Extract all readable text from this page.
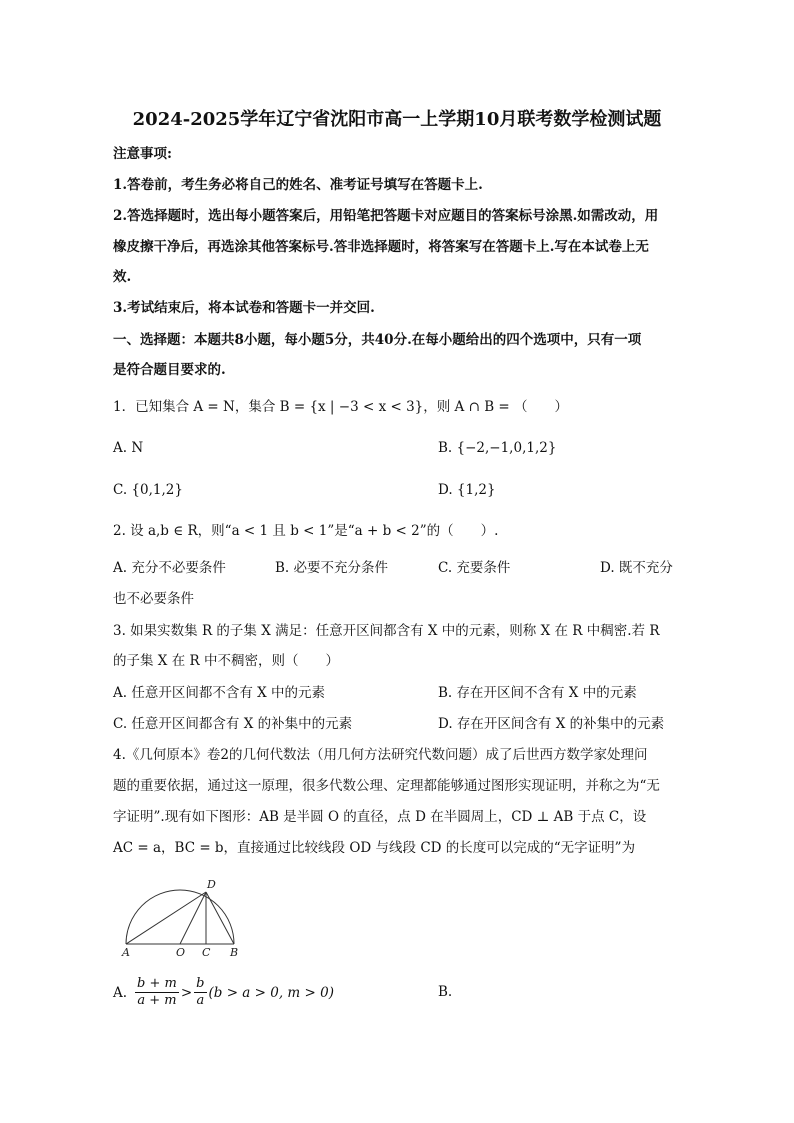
2024-2025学年辽宁省沈阳市高一上学期10月联考数学检测试题
注意事项:
1.答卷前，考生务必将自己的姓名、准考证号填写在答题卡上.
2.答选择题时，选出每小题答案后，用铅笔把答题卡对应题目的答案标号涂黑.如需改动，用
橡皮擦干净后，再选涂其他答案标号.答非选择题时，将答案写在答题卡上.写在本试卷上无
效.
3.考试结束后，将本试卷和答题卡一并交回.
一、选择题：本题共8小题，每小题5分，共40分.在每小题给出的四个选项中，只有一项
是符合题目要求的.
1．已知集合 A = N，集合 B = {x | −3 < x < 3}，则 A ∩ B = （　　）
A. N	B. {−2,−1,0,1,2}
C. {0,1,2}	D. {1,2}
2. 设 a,b ∈ R，则“a < 1 且 b < 1”是“a + b < 2”的（　　）.
A. 充分不必要条件	B. 必要不充分条件	C. 充要条件	D. 既不充分
也不必要条件
3. 如果实数集 R 的子集 X 满足：任意开区间都含有 X 中的元素，则称 X 在 R 中稠密.若 R
的子集 X 在 R 中不稠密，则（　　）
A. 任意开区间都不含有 X 中的元素	B. 存在开区间不含有 X 中的元素
C. 任意开区间都含有 X 的补集中的元素	D. 存在开区间含有 X 的补集中的元素
4.《几何原本》卷2的几何代数法（用几何方法研究代数问题）成了后世西方数学家处理问
题的重要依据，通过这一原理，很多代数公理、定理都能够通过图形实现证明，并称之为“无
字证明”.现有如下图形：AB 是半圆 O 的直径，点 D 在半圆周上，CD ⊥ AB 于点 C，设
AC = a，BC = b，直接通过比较线段 OD 与线段 CD 的长度可以完成的“无字证明”为
D
A	O C B
A. $\frac{b + m}{a + m} > \frac{b}{a} (b > a > 0$, m > 0)	B.
